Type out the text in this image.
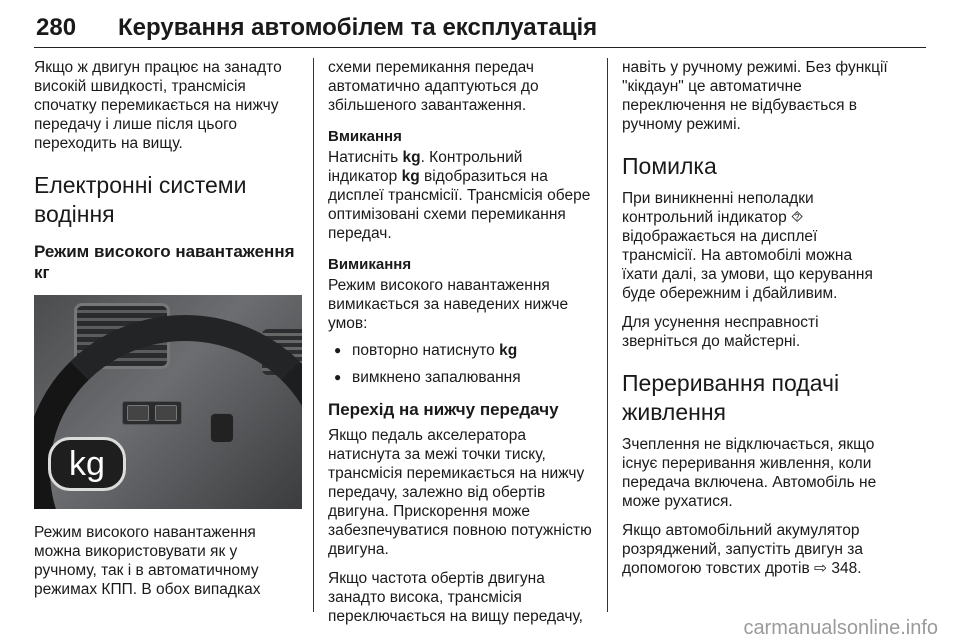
280 Керування автомобілем та експлуатація

Якщо ж двигун працює на занадто високій швидкості, трансмісія спочатку перемикається на нижчу передачу і лише після цього переходить на вищу.

Електронні системи водіння
Режим високого навантаження кг
kg

Режим високого навантаження можна використовувати як у ручному, так і в автоматичному режимах КПП. В обох випадках

схеми перемикання передач автоматично адаптуються до збільшеного завантаження.

Вмикання

Натисніть kg. Контрольний індикатор kg відобразиться на дисплеї трансмісії. Трансмісія обере оптимізовані схеми перемикання передач.

Вимикання

Режим високого навантаження вимикається за наведених нижче умов:

● повторно натиснуто kg
● вимкнено запалювання
Перехід на нижчу передачу

Якщо педаль акселератора натиснута за межі точки тиску, трансмісія перемикається на нижчу передачу, залежно від обертів двигуна. Прискорення може забезпечуватися повною потужністю двигуна.

Якщо частота обертів двигуна занадто висока, трансмісія переключається на вищу передачу,

навіть у ручному режимі. Без функції "кікдаун" це автоматичне переключення не відбувається в ручному режимі.

Помилка

При виникненні неполадки контрольний індикатор ⯑ відображається на дисплеї трансмісії. На автомобілі можна їхати далі, за умови, що керування буде обережним і дбайливим.

Для усунення несправності зверніться до майстерні.

Переривання подачі живлення

Зчеплення не відключається, якщо існує переривання живлення, коли передача включена. Автомобіль не може рухатися.

Якщо автомобільний акумулятор розряджений, запустіть двигун за допомогою товстих дротів ⇨ 348.

carmanualsonline.info
